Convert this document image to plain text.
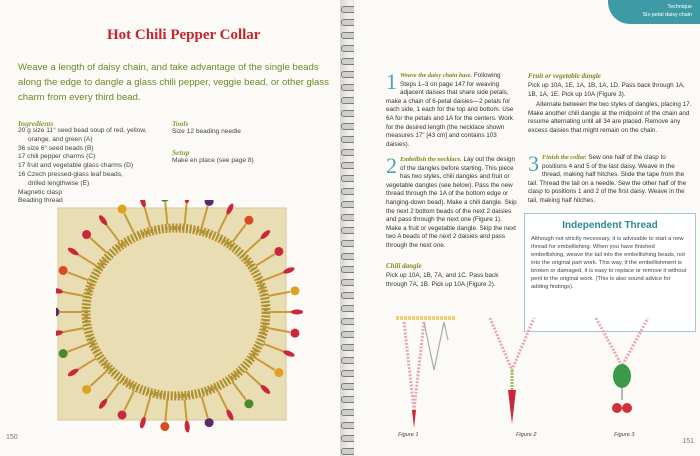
Hot Chili Pepper Collar

Weave a length of daisy chain, and take advantage of the single beads along the edge to dangle a glass chili pepper, veggie bead, or other glass charm from every third bead.

Ingredients
20 g size 11° seed bead soup of red, yellow,
orange, and green (A)
36 size 6° seed beads (B)
17 chili pepper charms (C)
17 fruit and vegetable glass charms (D)
16 Czech pressed-glass leaf beads,
drilled lengthwise (E)
Magnetic clasp
Beading thread
Tools

Size 12 beading needle

Setup

Make en place (see page 8)

150
Technique
Six-petal daisy chain
151

1 Weave the daisy chain base. Following Steps 1–3 on page 147 for weaving adjacent daisies that share side petals, make a chain of 6-petal daisies—2 petals for each side, 1 each for the top and bottom. Use 6A for the petals and 1A for the centers. Work for the desired length (the necklace shown measures 17" [43 cm] and contains 103 daisies).

2 Embellish the necklace. Lay out the design of the dangles before starting. This piece has two styles, chili dangles and fruit or vegetable dangles (see below). Pass the new thread through the 1A of the bottom edge or hanging-down bead). Make a chili dangle. Skip the next 2 bottom beads of the next 2 daisies and pass through the next one (Figure 1). Make a fruit or vegetable dangle. Skip the next two A beads of the next 2 daisies and pass through the next one.

Chili dangle

Pick up 10A, 1B, 7A, and 1C. Pass back through 7A, 1B. Pick up 10A (Figure 2).

Fruit or vegetable dangle

Pick up 10A, 1E, 1A, 1B, 1A, 1D. Pass back through 1A, 1B, 1A, 1E. Pick up 10A (Figure 3).

Alternate between the two styles of dangles, placing 17. Make another chili dangle at the midpoint of the chain and resume alternating until all 34 are placed. Remove any excess daisies that might remain on the chain.

3 Finish the collar. Sew one half of the clasp to positions 4 and 5 of the last daisy. Weave in the thread, making half hitches. Slide the tape from the tail. Thread the tail on a needle. Sew the other half of the clasp to positions 1 and 2 of the first daisy. Weave in the tail, making half hitches.

Independent Thread

Although not strictly necessary, it is advisable to start a new thread for embellishing. When you have finished embellishing, weave the tail into the embellishing beads, not into the original part work. This way, if the embellishment is broken or damaged, it is easy to replace or remove it without peril to the original work. (This is also sound advice for adding findings).

Figure 1	Figure 2	Figure 3
